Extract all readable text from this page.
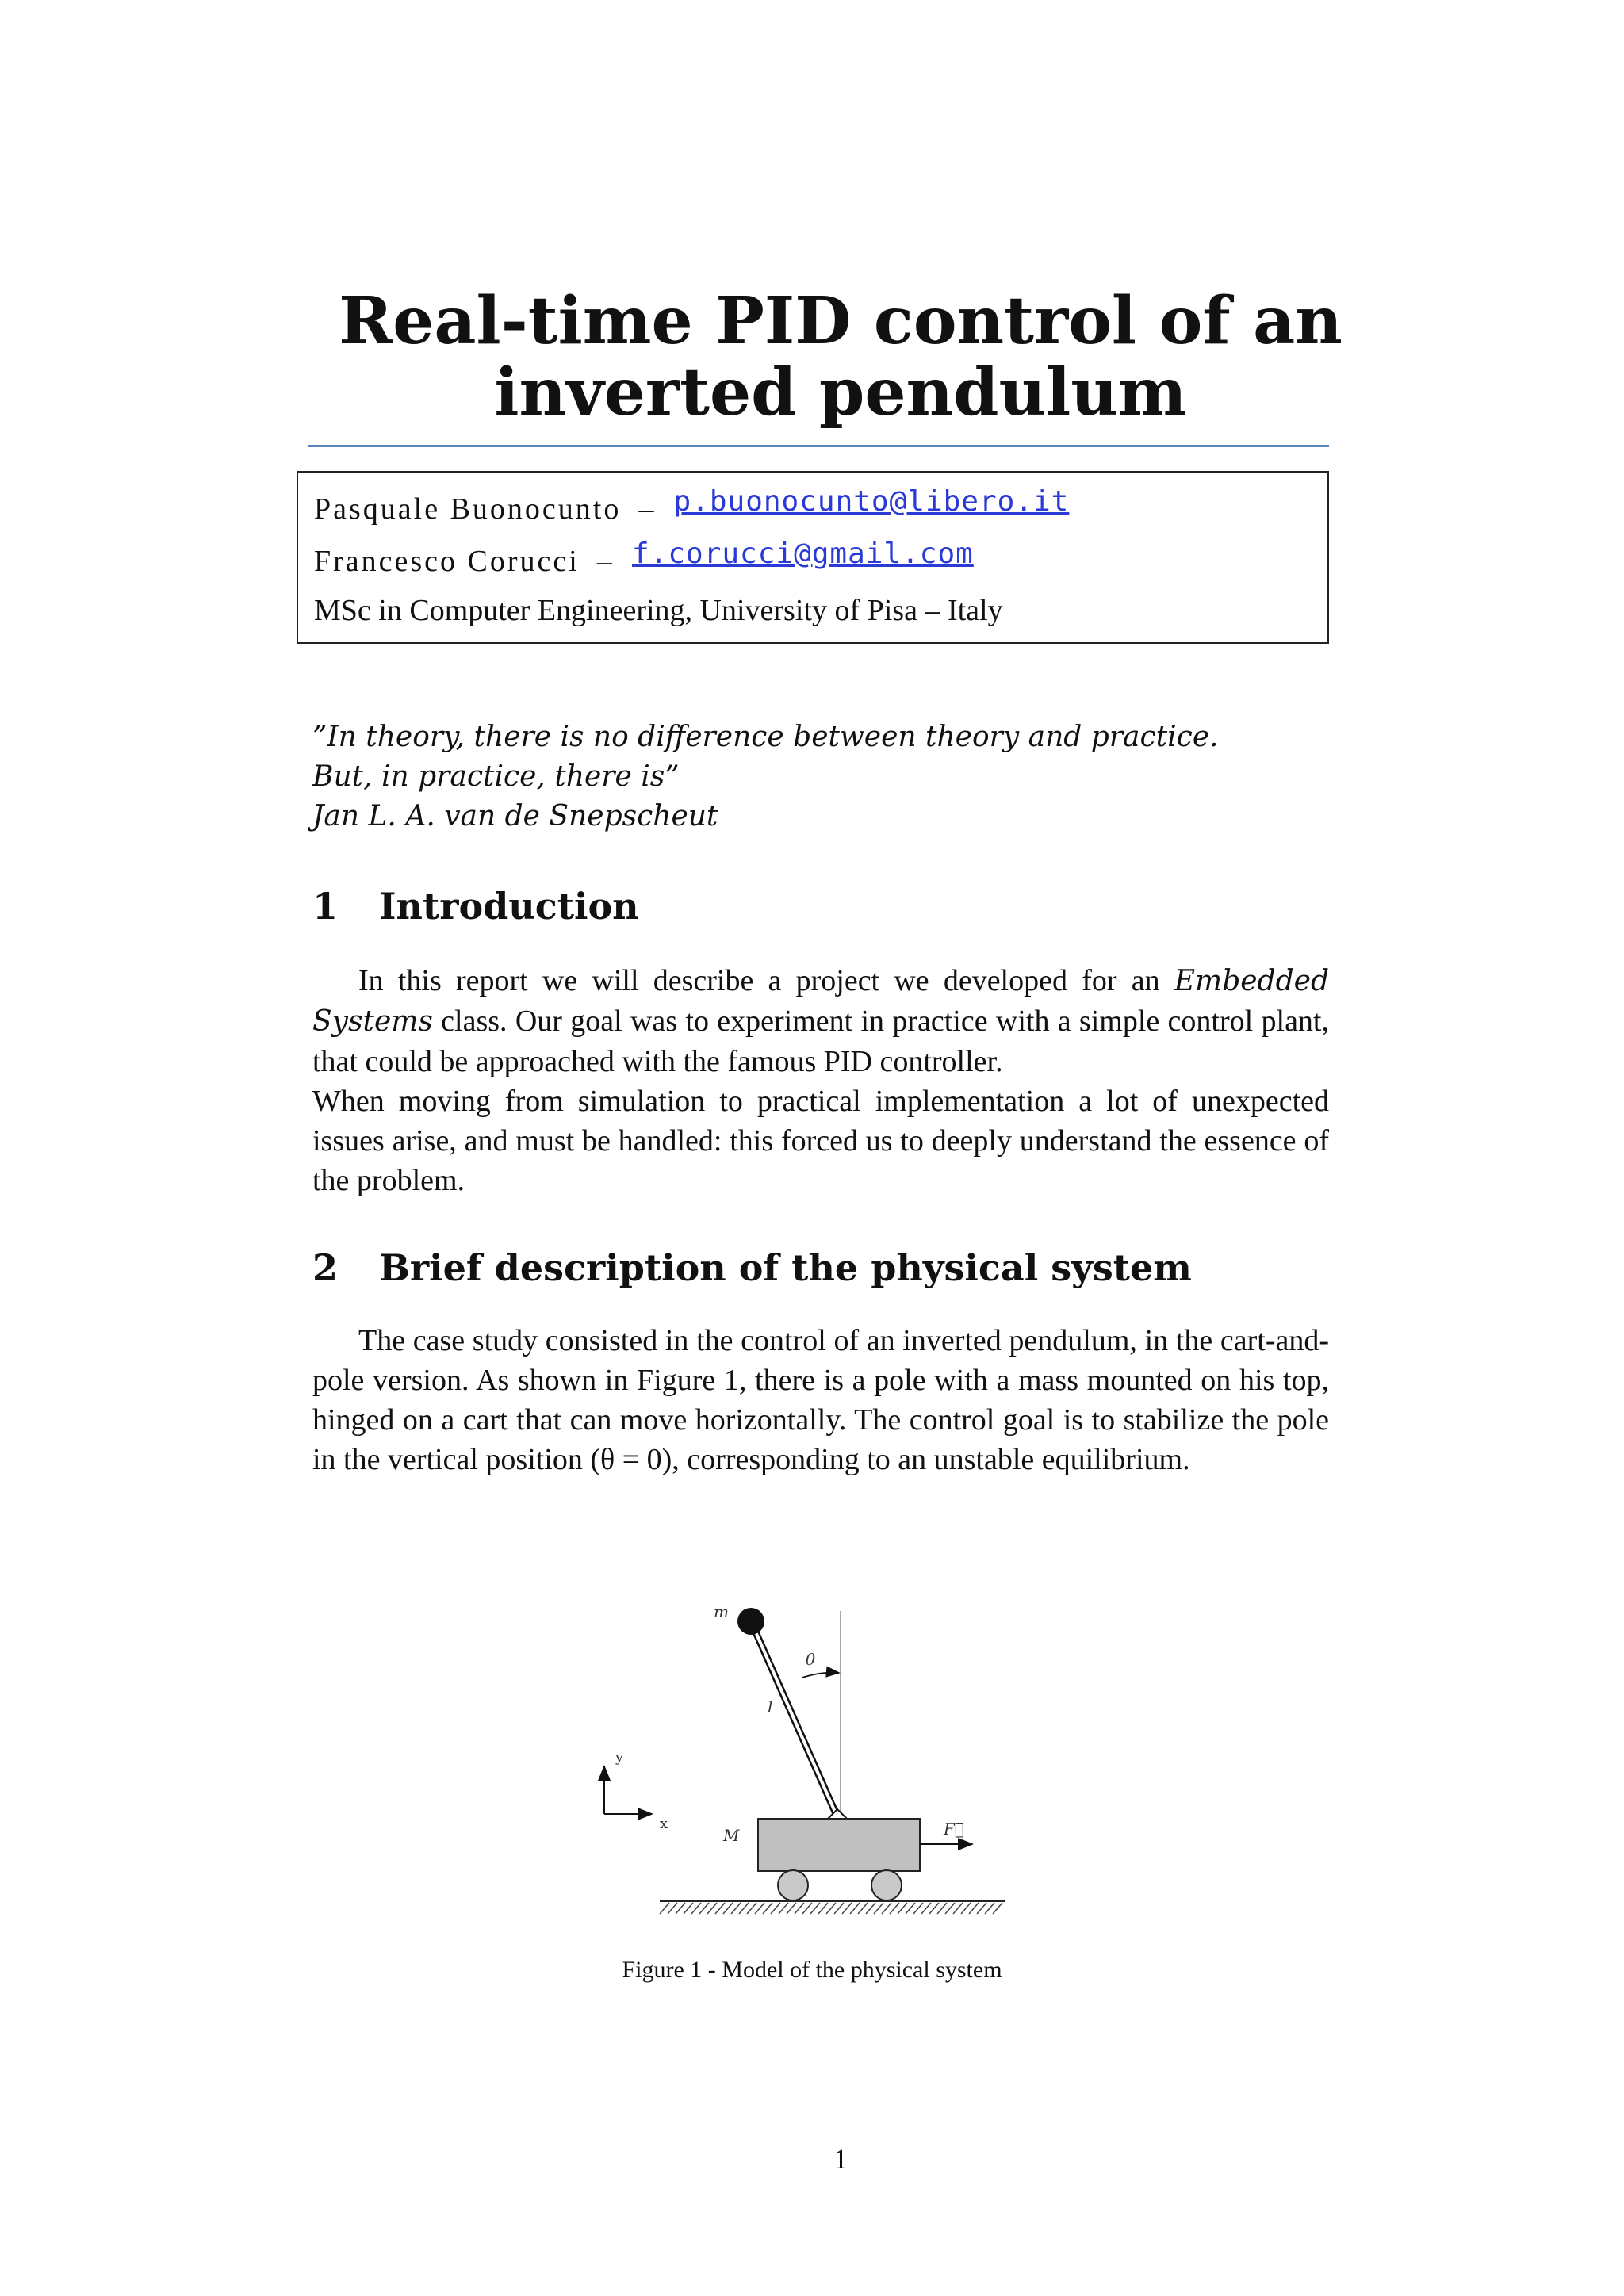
Real-time PID control of an
inverted pendulum
Pasquale Buonocunto – p.buonocunto@libero.it
Francesco Corucci – f.corucci@gmail.com
MSc in Computer Engineering, University of Pisa – Italy
”In theory, there is no difference between theory and practice.
But, in practice, there is”
Jan L. A. van de Snepscheut
1 Introduction

In this report we will describe a project we developed for an Embedded Systems class. Our goal was to experiment in practice with a simple control plant, that could be approached with the famous PID controller.

When moving from simulation to practical implementation a lot of unexpected issues arise, and must be handled: this forced us to deeply understand the essence of the problem.

2 Brief description of the physical system

The case study consisted in the control of an inverted pendulum, in the cart-and-pole version. As shown in Figure 1, there is a pole with a mass mounted on his top, hinged on a cart that can move horizontally. The control goal is to stabilize the pole in the vertical position (θ = 0), corresponding to an unstable equilibrium.

m
θ
l
y
x
M	F⃗
Figure 1 - Model of the physical system
1
